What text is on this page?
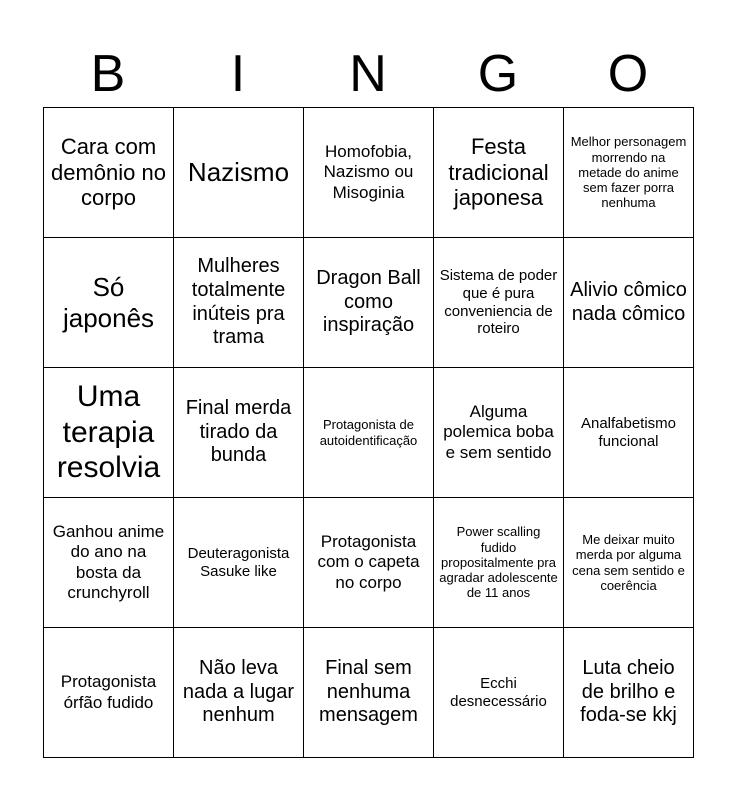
B	I	N	G	O
Cara com demônio no corpo	Nazismo	Homofobia, Nazismo ou Misoginia	Festa tradicional japonesa	Melhor personagem morrendo na metade do anime sem fazer porra nenhuma
Só japonês	Mulheres totalmente inúteis pra trama	Dragon Ball como inspiração	Sistema de poder que é pura conveniencia de roteiro	Alivio cômico nada cômico
Uma terapia resolvia	Final merda tirado da bunda	Protagonista de autoidentificação	Alguma polemica boba e sem sentido	Analfabetismo funcional
Ganhou anime do ano na bosta da crunchyroll	Deuteragonista Sasuke like	Protagonista com o capeta no corpo	Power scalling fudido propositalmente pra agradar adolescente de 11 anos	Me deixar muito merda por alguma cena sem sentido e coerência
Protagonista órfão fudido	Não leva nada a lugar nenhum	Final sem nenhuma mensagem	Ecchi desnecessário	Luta cheio de brilho e foda-se kkj
